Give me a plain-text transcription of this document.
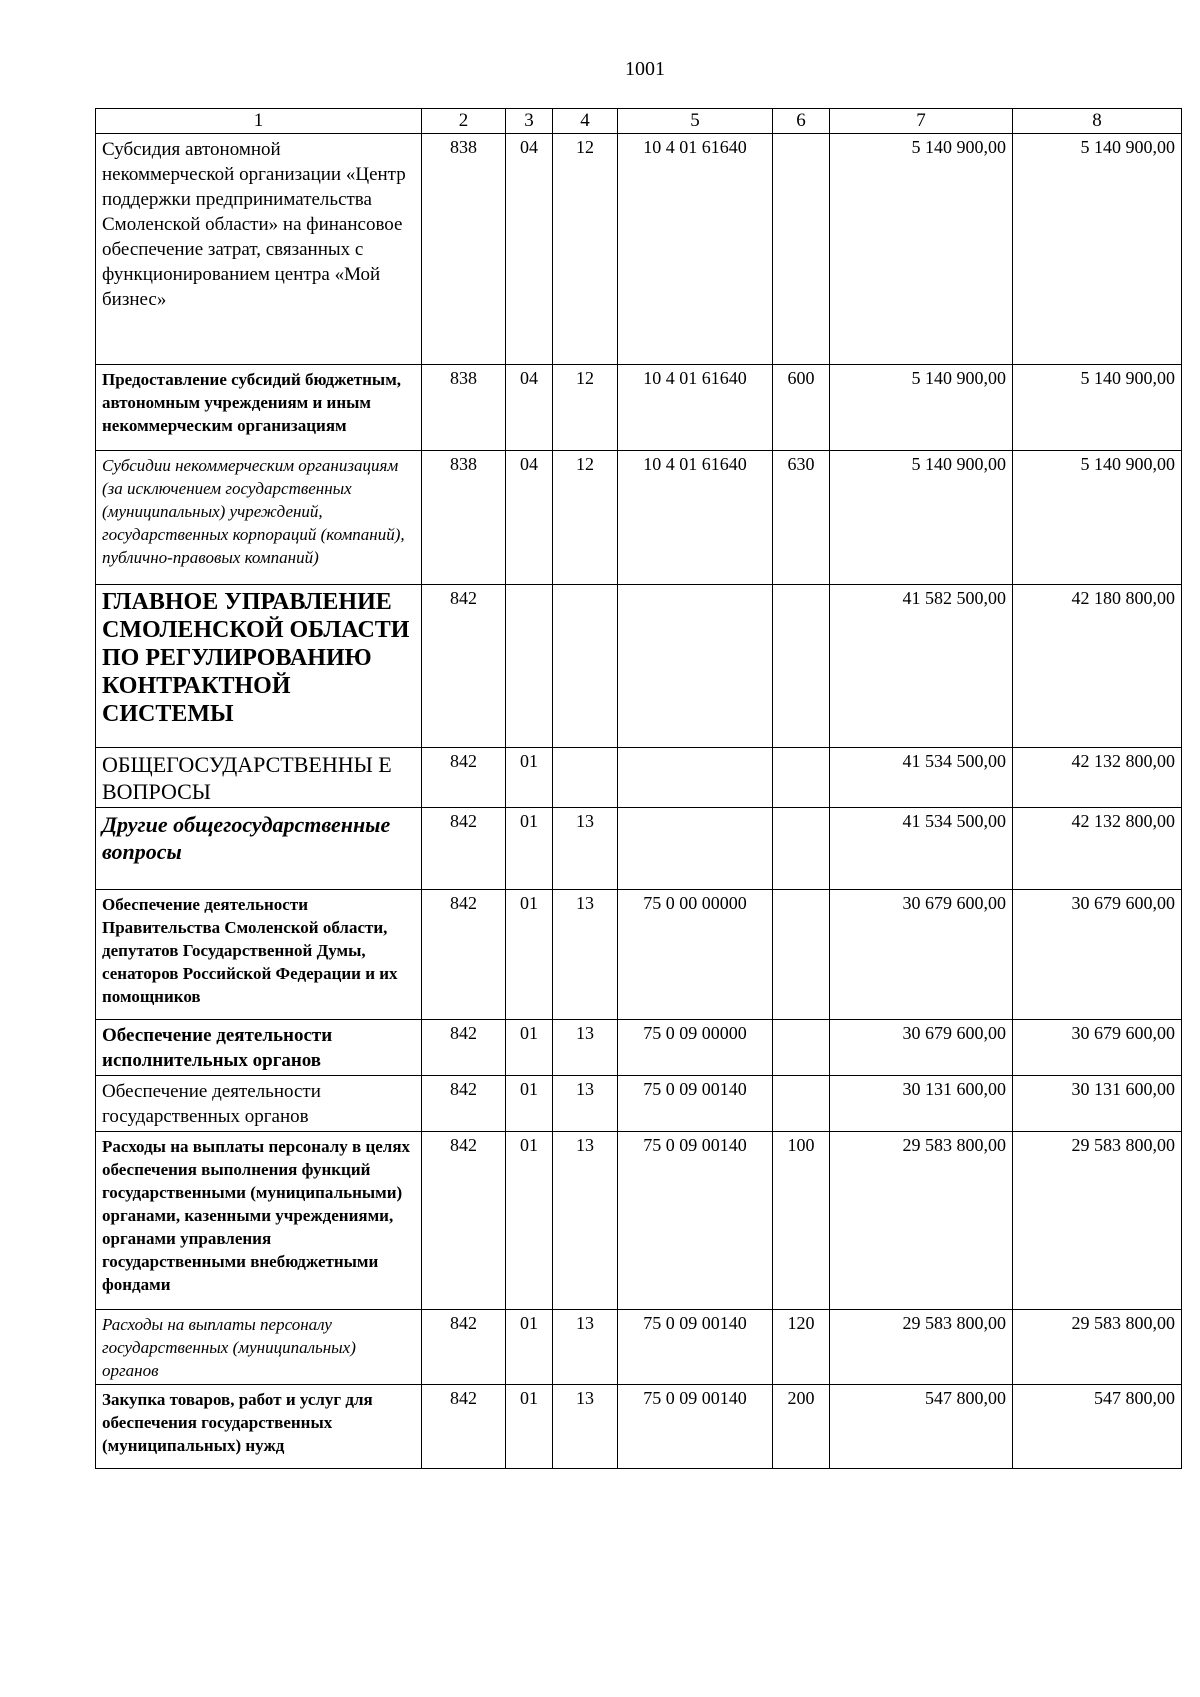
1001
1	2	3	4	5	6	7	8
Субсидия автономной некоммерческой организации «Центр поддержки предпринимательства Смоленской области» на финансовое обеспечение затрат, связанных с функционированием центра «Мой бизнес»	838	04	12	10 4 01 61640		5 140 900,00	5 140 900,00
Предоставление субсидий бюджетным, автономным учреждениям и иным некоммерческим организациям	838	04	12	10 4 01 61640	600	5 140 900,00	5 140 900,00
Субсидии некоммерческим организациям (за исключением государственных (муниципальных) учреждений, государственных корпораций (компаний), публично-правовых компаний)	838	04	12	10 4 01 61640	630	5 140 900,00	5 140 900,00
ГЛАВНОЕ УПРАВЛЕНИЕ СМОЛЕНСКОЙ ОБЛАСТИ ПО РЕГУЛИРОВАНИЮ КОНТРАКТНОЙ СИСТЕМЫ	842					41 582 500,00	42 180 800,00
ОБЩЕГОСУДАРСТВЕННЫ Е ВОПРОСЫ	842	01				41 534 500,00	42 132 800,00
Другие общегосударственные вопросы	842	01	13			41 534 500,00	42 132 800,00
Обеспечение деятельности Правительства Смоленской области, депутатов Государственной Думы, сенаторов Российской Федерации и их помощников	842	01	13	75 0 00 00000		30 679 600,00	30 679 600,00
Обеспечение деятельности исполнительных органов	842	01	13	75 0 09 00000		30 679 600,00	30 679 600,00
Обеспечение деятельности государственных органов	842	01	13	75 0 09 00140		30 131 600,00	30 131 600,00
Расходы на выплаты персоналу в целях обеспечения выполнения функций государственными (муниципальными) органами, казенными учреждениями, органами управления государственными внебюджетными фондами	842	01	13	75 0 09 00140	100	29 583 800,00	29 583 800,00
Расходы на выплаты персоналу государственных (муниципальных) органов	842	01	13	75 0 09 00140	120	29 583 800,00	29 583 800,00
Закупка товаров, работ и услуг для обеспечения государственных (муниципальных) нужд	842	01	13	75 0 09 00140	200	547 800,00	547 800,00
